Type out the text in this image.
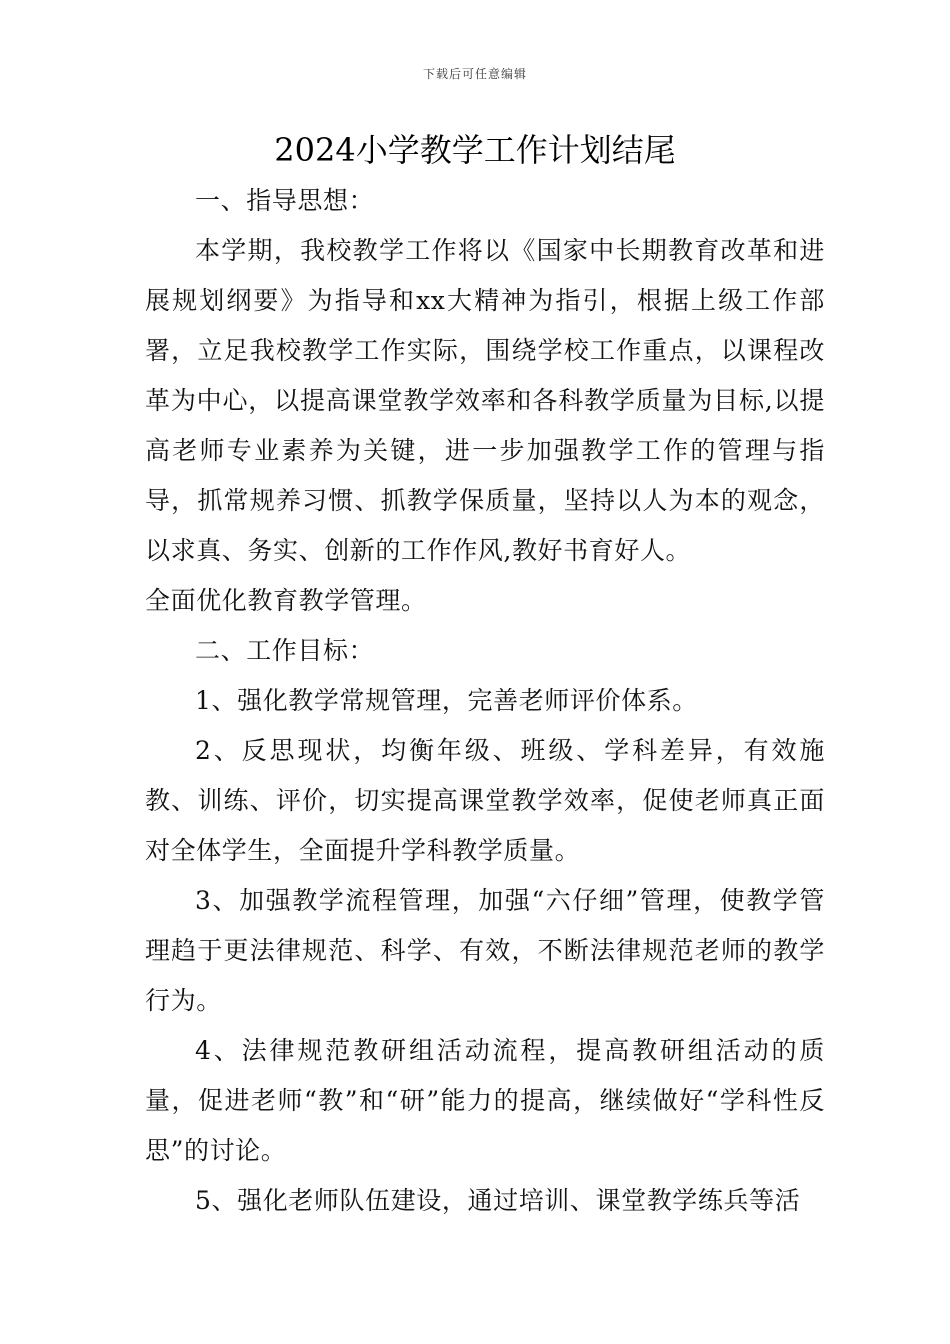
下载后可任意编辑
2024小学教学工作计划结尾

一、指导思想：

本学期，我校教学工作将以《国家中长期教育改革和进展规划纲要》为指导和xx大精神为指引，根据上级工作部署，立足我校教学工作实际，围绕学校工作重点，以课程改革为中心，以提高课堂教学效率和各科教学质量为目标,以提高老师专业素养为关键，进一步加强教学工作的管理与指导，抓常规养习惯、抓教学保质量，坚持以人为本的观念，以求真、务实、创新的工作作风,教好书育好人。

全面优化教育教学管理。

二、工作目标：

1、强化教学常规管理，完善老师评价体系。

2、反思现状，均衡年级、班级、学科差异，有效施教、训练、评价，切实提高课堂教学效率，促使老师真正面对全体学生，全面提升学科教学质量。

3、加强教学流程管理，加强“六仔细”管理，使教学管理趋于更法律规范、科学、有效，不断法律规范老师的教学行为。

4、法律规范教研组活动流程，提高教研组活动的质量，促进老师“教”和“研”能力的提高，继续做好“学科性反思”的讨论。

5、强化老师队伍建设，通过培训、课堂教学练兵等活
